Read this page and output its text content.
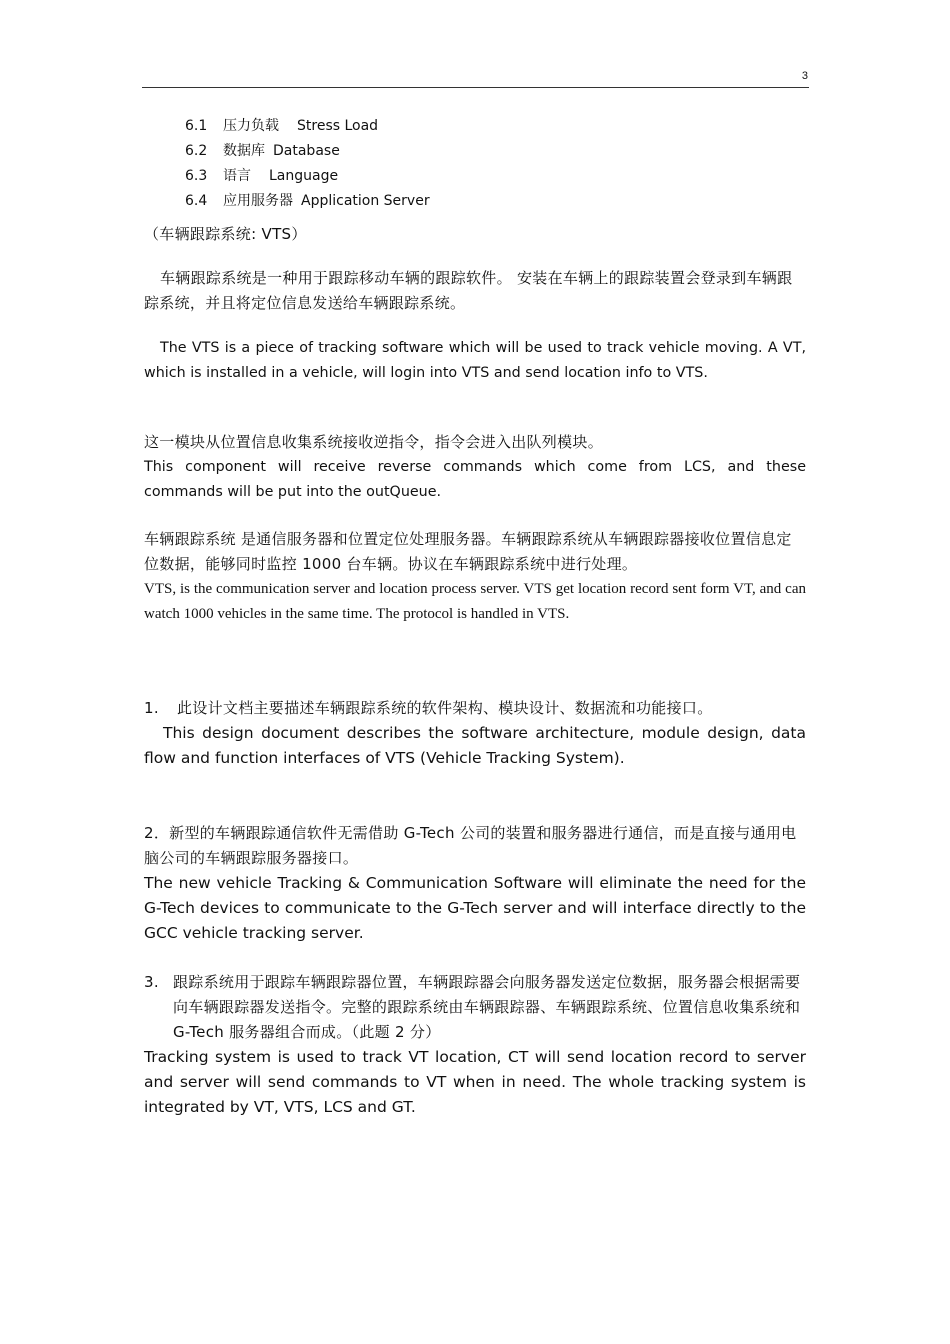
3
6.1 压力负载 Stress Load
6.2 数据库 Database
6.3 语言 Language
6.4 应用服务器 Application Server

（车辆跟踪系统: VTS）

车辆跟踪系统是一种用于跟踪移动车辆的跟踪软件。 安装在车辆上的跟踪装置会登录到车辆跟踪系统，并且将定位信息发送给车辆跟踪系统。

The VTS is a piece of tracking software which will be used to track vehicle moving. A VT, which is installed in a vehicle, will login into VTS and send location info to VTS.

这一模块从位置信息收集系统接收逆指令，指令会进入出队列模块。

This component will receive reverse commands which come from LCS, and these commands will be put into the outQueue.

车辆跟踪系统 是通信服务器和位置定位处理服务器。车辆跟踪系统从车辆跟踪器接收位置信息定位数据，能够同时监控 1000 台车辆。协议在车辆跟踪系统中进行处理。

VTS, is the communication server and location process server. VTS get location record sent form VT, and can watch 1000 vehicles in the same time. The protocol is handled in VTS.

1. 此设计文档主要描述车辆跟踪系统的软件架构、模块设计、数据流和功能接口。

This design document describes the software architecture, module design, data flow and function interfaces of VTS (Vehicle Tracking System).

2．新型的车辆跟踪通信软件无需借助 G-Tech 公司的装置和服务器进行通信，而是直接与通用电脑公司的车辆跟踪服务器接口。

The new vehicle Tracking & Communication Software will eliminate the need for the G-Tech devices to communicate to the G-Tech server and will interface directly to the GCC vehicle tracking server.

3. 跟踪系统用于跟踪车辆跟踪器位置，车辆跟踪器会向服务器发送定位数据，服务器会根据需要向车辆跟踪器发送指令。完整的跟踪系统由车辆跟踪器、车辆跟踪系统、位置信息收集系统和 G-Tech 服务器组合而成。（此题 2 分）

Tracking system is used to track VT location, CT will send location record to server and server will send commands to VT when in need. The whole tracking system is integrated by VT, VTS, LCS and GT.
